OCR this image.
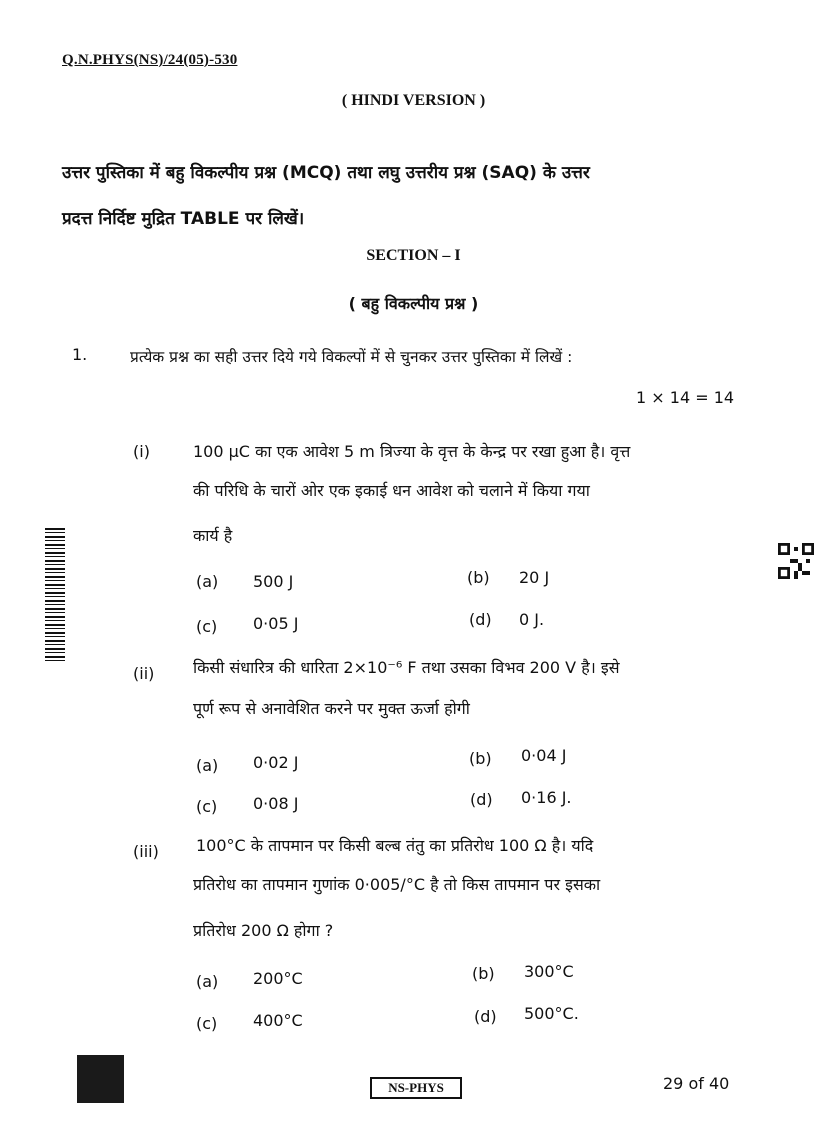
Q.N.PHYS(NS)/24(05)-530
( HINDI VERSION )
उत्तर पुस्तिका में बहु विकल्पीय प्रश्न (MCQ) तथा लघु उत्तरीय प्रश्न (SAQ) के उत्तर
प्रदत्त निर्दिष्ट मुद्रित TABLE पर लिखें।
SECTION – I
( बहु विकल्पीय प्रश्न )
1.	प्रत्येक प्रश्न का सही उत्तर दिये गये विकल्पों में से चुनकर उत्तर पुस्तिका में लिखें :
1 × 14 = 14
(i)	100 μC का एक आवेश 5 m त्रिज्या के वृत्त के केन्द्र पर रखा हुआ है। वृत्त
की परिधि के चारों ओर एक इकाई धन आवेश को चलाने में किया गया
कार्य है
(a) 500 J	(b) 20 J
(c) 0·05 J	(d) 0 J.
(ii) किसी संधारित्र की धारिता 2×10⁻⁶ F तथा उसका विभव 200 V है। इसे
पूर्ण रूप से अनावेशित करने पर मुक्त ऊर्जा होगी
(a) 0·02 J	(b) 0·04 J
(c) 0·08 J	(d) 0·16 J.
(iii) 100°C के तापमान पर किसी बल्ब तंतु का प्रतिरोध 100 Ω है। यदि
प्रतिरोध का तापमान गुणांक 0·005/°C है तो किस तापमान पर इसका
प्रतिरोध 200 Ω होगा ?
(a) 200°C	(b) 300°C
(c) 400°C	(d) 500°C.
NS-PHYS	29 of 40
